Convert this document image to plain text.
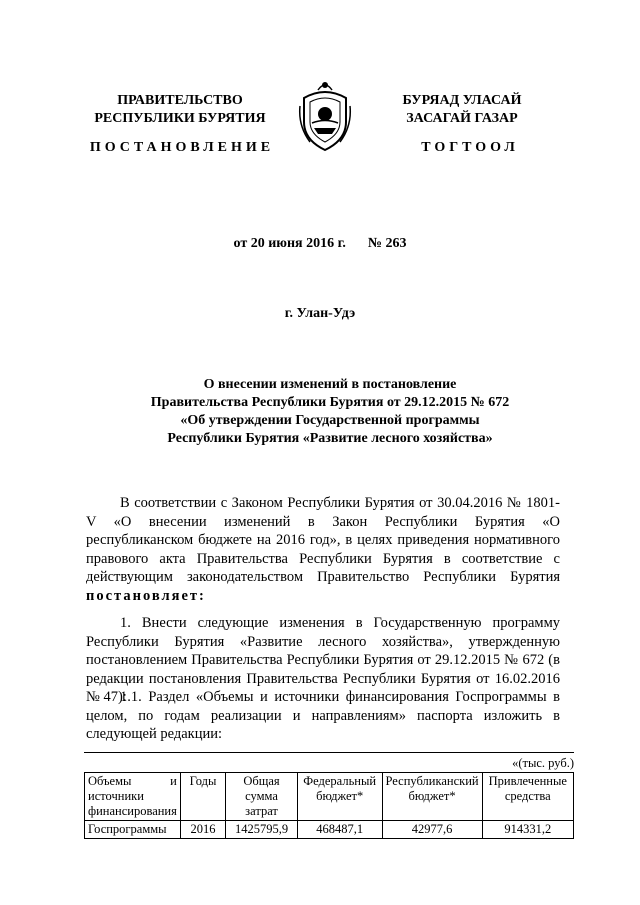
ПРАВИТЕЛЬСТВО
РЕСПУБЛИКИ БУРЯТИЯ
БУРЯАД УЛАСАЙ
ЗАСАГАЙ ГАЗАР
ПОСТАНОВЛЕНИЕ	ТОГТООЛ
от 20 июня 2016 г. № 263
г. Улан-Удэ
О внесении изменений в постановление
Правительства Республики Бурятия от 29.12.2015 № 672
«Об утверждении Государственной программы
Республики Бурятия «Развитие лесного хозяйства»

В соответствии с Законом Республики Бурятия от 30.04.2016 № 1801-V «О внесении изменений в Закон Республики Бурятия «О республиканском бюджете на 2016 год», в целях приведения нормативного правового акта Правительства Республики Бурятия в соответствие с действующим законодательством Правительство Республики Бурятия постановляет:

1. Внести следующие изменения в Государственную программу Республики Бурятия «Развитие лесного хозяйства», утвержденную постановлением Правительства Республики Бурятия от 29.12.2015 № 672 (в редакции постановления Правительства Республики Бурятия от 16.02.2016 № 47):

1.1. Раздел «Объемы и источники финансирования Госпрограммы в целом, по годам реализации и направлениям» паспорта изложить в следующей редакции:

«(тыс. руб.)
Объемы и источники финансирования	Годы	Общая сумма затрат	Федеральный бюджет*	Республиканский бюджет*	Привлеченные средства
Госпрограммы	2016	1425795,9	468487,1	42977,6	914331,2
